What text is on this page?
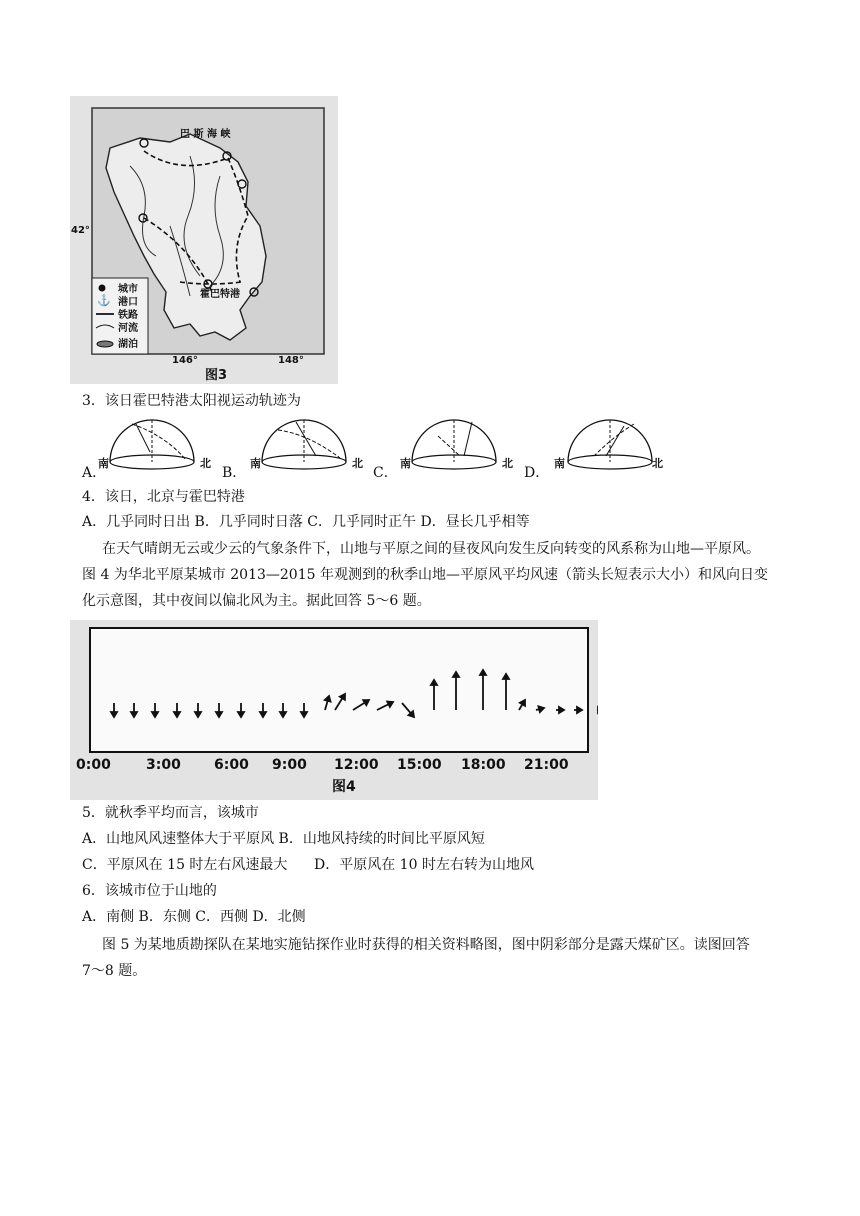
巴 斯 海 峡
霍巴特港
42°
146°	148°
城市
⚓ 港口
铁路
河流
湖泊
图3
3．该日霍巴特港太阳视运动轨迹为
A．
南	北
B．
南	北
C．
南	北
D．
南	北
4．该日，北京与霍巴特港
A．几乎同时日出 B．几乎同时日落 C．几乎同时正午 D．昼长几乎相等
在天气晴朗无云或少云的气象条件下，山地与平原之间的昼夜风向发生反向转变的风系称为山地—平原风。
图 4 为华北平原某城市 2013—2015 年观测到的秋季山地—平原风平均风速（箭头长短表示大小）和风向日变
化示意图，其中夜间以偏北风为主。据此回答 5～6 题。
0:00	3:00 6:00 9:00 12:00 15:00 18:00 21:00
图4
5．就秋季平均而言，该城市
A．山地风风速整体大于平原风 B．山地风持续的时间比平原风短
C．平原风在 15 时左右风速最大 D．平原风在 10 时左右转为山地风
6．该城市位于山地的
A．南侧 B．东侧 C．西侧 D．北侧
图 5 为某地质勘探队在某地实施钻探作业时获得的相关资料略图，图中阴彩部分是露天煤矿区。读图回答
7～8 题。
